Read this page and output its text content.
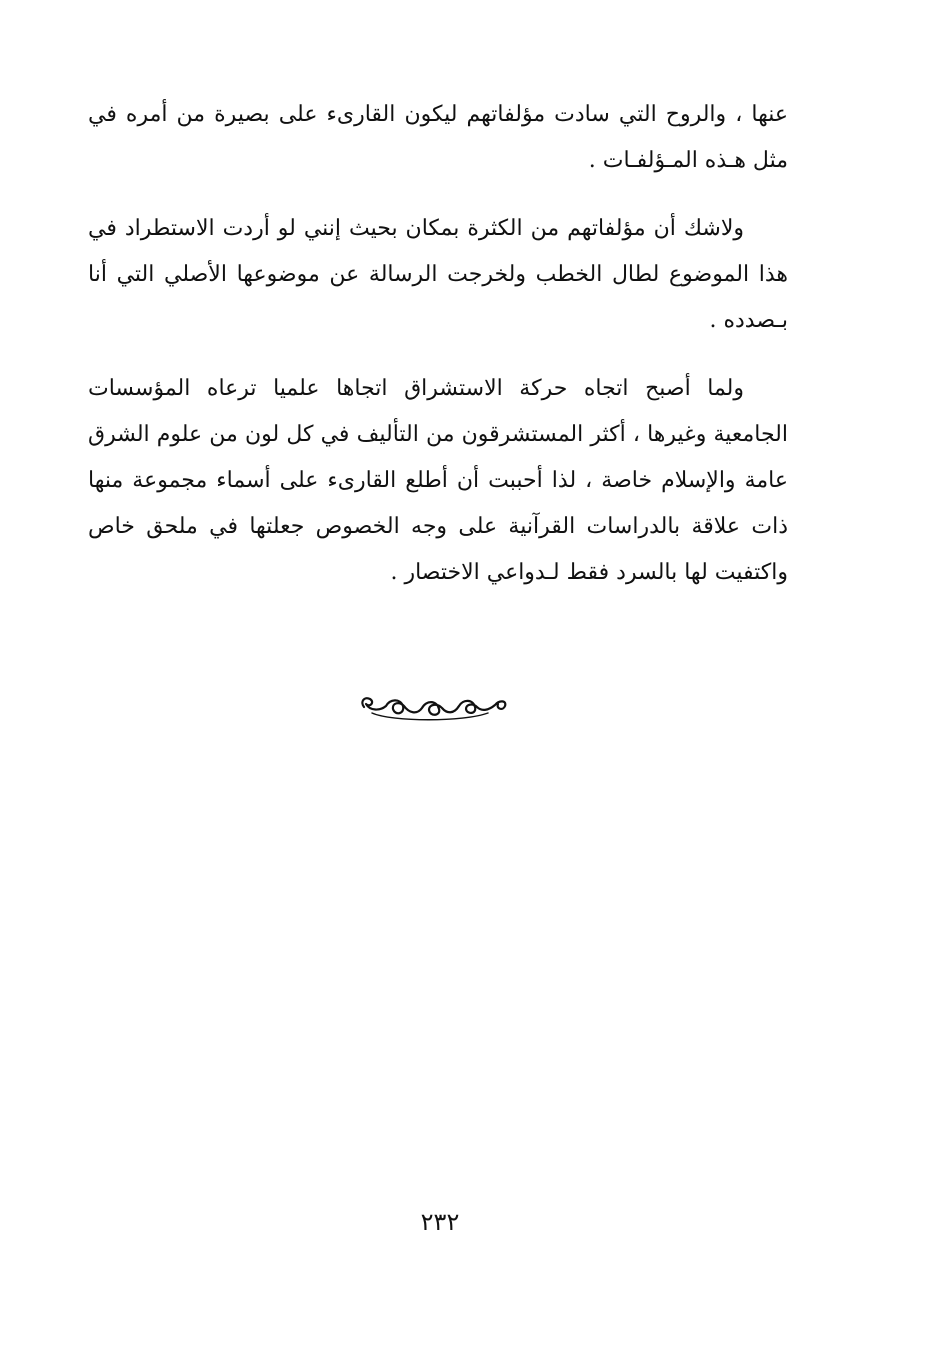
عنها ، والروح التي سادت مؤلفاتهم ليكون القارىء على بصيرة من أمره في مثل هـذه المـؤلفـات .

ولاشك أن مؤلفاتهم من الكثرة بمكان بحيث إنني لو أردت الاستطراد في هذا الموضوع لطال الخطب ولخرجت الرسالة عن موضوعها الأصلي التي أنا بـصدده .

ولما أصبح اتجاه حركة الاستشراق اتجاها علميا ترعاه المؤسسات الجامعية وغيرها ، أكثر المستشرقون من التأليف في كل لون من علوم الشرق عامة والإسلام خاصة ، لذا أحببت أن أطلع القارىء على أسماء مجموعة منها ذات علاقة بالدراسات القرآنية على وجه الخصوص جعلتها في ملحق خاص واكتفيت لها بالسرد فقط لـدواعي الاختصار .

٢٣٢
